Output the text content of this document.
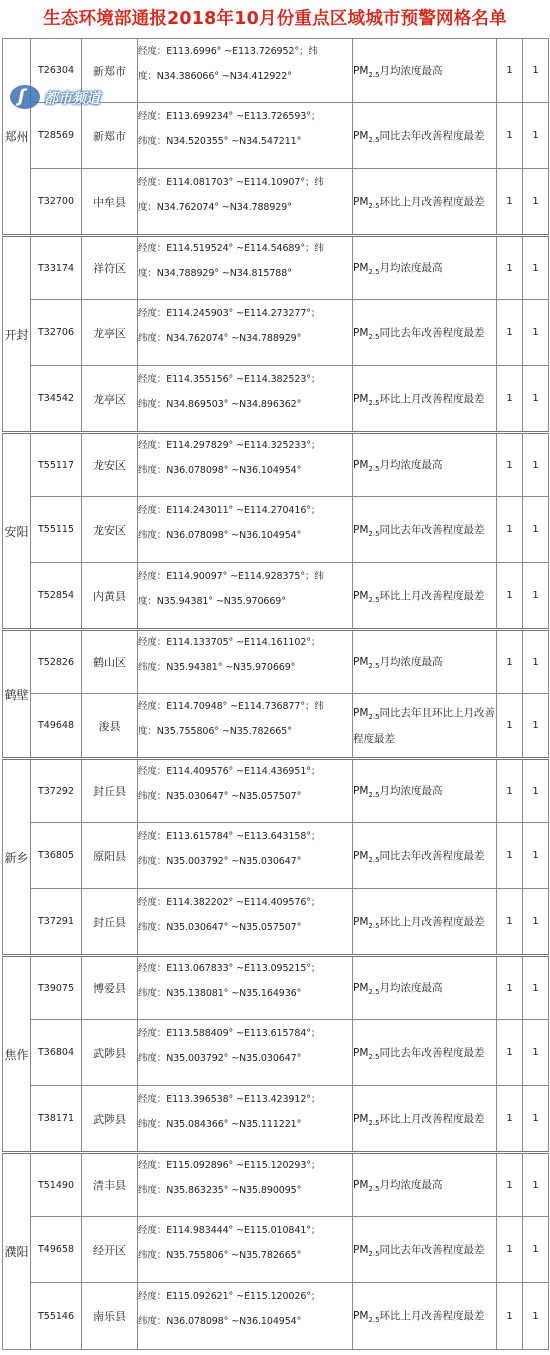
生态环境部通报2018年10月份重点区域城市预警网格名单
郑州	T26304	新郑市	经度：E113.6996° ~E113.726952°；纬
度：N34.386066° ~N34.412922°	$PM_{2.5}$月均浓度最高	1	1
	T28569	新郑市	经度：E113.699234° ~E113.726593°；
纬度：N34.520355° ~N34.547211°	$PM_{2.5}$同比去年改善程度最差	1	1
	T32700	中牟县	经度：E114.081703° ~E114.10907°；纬
度：N34.762074° ~N34.788929°	$PM_{2.5}$环比上月改善程度最差	1	1
开封	T33174	祥符区	经度：E114.519524° ~E114.54689°；纬
度：N34.788929° ~N34.815788°	$PM_{2.5}$月均浓度最高	1	1
	T32706	龙亭区	经度：E114.245903° ~E114.273277°；
纬度：N34.762074° ~N34.788929°	$PM_{2.5}$同比去年改善程度最差	1	1
	T34542	龙亭区	经度：E114.355156° ~E114.382523°；
纬度：N34.869503° ~N34.896362°	$PM_{2.5}$环比上月改善程度最差	1	1
安阳	T55117	龙安区	经度：E114.297829° ~E114.325233°；
纬度：N36.078098° ~N36.104954°	$PM_{2.5}$月均浓度最高	1	1
	T55115	龙安区	经度：E114.243011° ~E114.270416°；
纬度：N36.078098° ~N36.104954°	$PM_{2.5}$同比去年改善程度最差	1	1
	T52854	内黄县	经度：E114.90097° ~E114.928375°；纬
度：N35.94381° ~N35.970669°	$PM_{2.5}$环比上月改善程度最差	1	1
鹤壁	T52826	鹤山区	经度：E114.133705° ~E114.161102°；
纬度：N35.94381° ~N35.970669°	$PM_{2.5}$月均浓度最高	1	1
	T49648	浚县	经度：E114.70948° ~E114.736877°；纬
度：N35.755806° ~N35.782665°	$PM_{2.5}$同比去年且环比上月改善程度最差	1	1
新乡	T37292	封丘县	经度：E114.409576° ~E114.436951°；
纬度：N35.030647° ~N35.057507°	$PM_{2.5}$月均浓度最高	1	1
	T36805	原阳县	经度：E113.615784° ~E113.643158°；
纬度：N35.003792° ~N35.030647°	$PM_{2.5}$同比去年改善程度最差	1	1
	T37291	封丘县	经度：E114.382202° ~E114.409576°；
纬度：N35.030647° ~N35.057507°	$PM_{2.5}$环比上月改善程度最差	1	1
焦作	T39075	博爱县	经度：E113.067833° ~E113.095215°；
纬度：N35.138081° ~N35.164936°	$PM_{2.5}$月均浓度最高	1	1
	T36804	武陟县	经度：E113.588409° ~E113.615784°；
纬度：N35.003792° ~N35.030647°	$PM_{2.5}$同比去年改善程度最差	1	1
	T38171	武陟县	经度：E113.396538° ~E113.423912°；
纬度：N35.084366° ~N35.111221°	$PM_{2.5}$环比上月改善程度最差	1	1
濮阳	T51490	清丰县	经度：E115.092896° ~E115.120293°；
纬度：N35.863235° ~N35.890095°	$PM_{2.5}$月均浓度最高	1	1
	T49658	经开区	经度：E114.983444° ~E115.010841°；
纬度：N35.755806° ~N35.782665°	$PM_{2.5}$同比去年改善程度最差	1	1
	T55146	南乐县	经度：E115.092621° ~E115.120026°；
纬度：N36.078098° ~N36.104954°	$PM_{2.5}$环比上月改善程度最差	1	1
ʃ 都市频道
